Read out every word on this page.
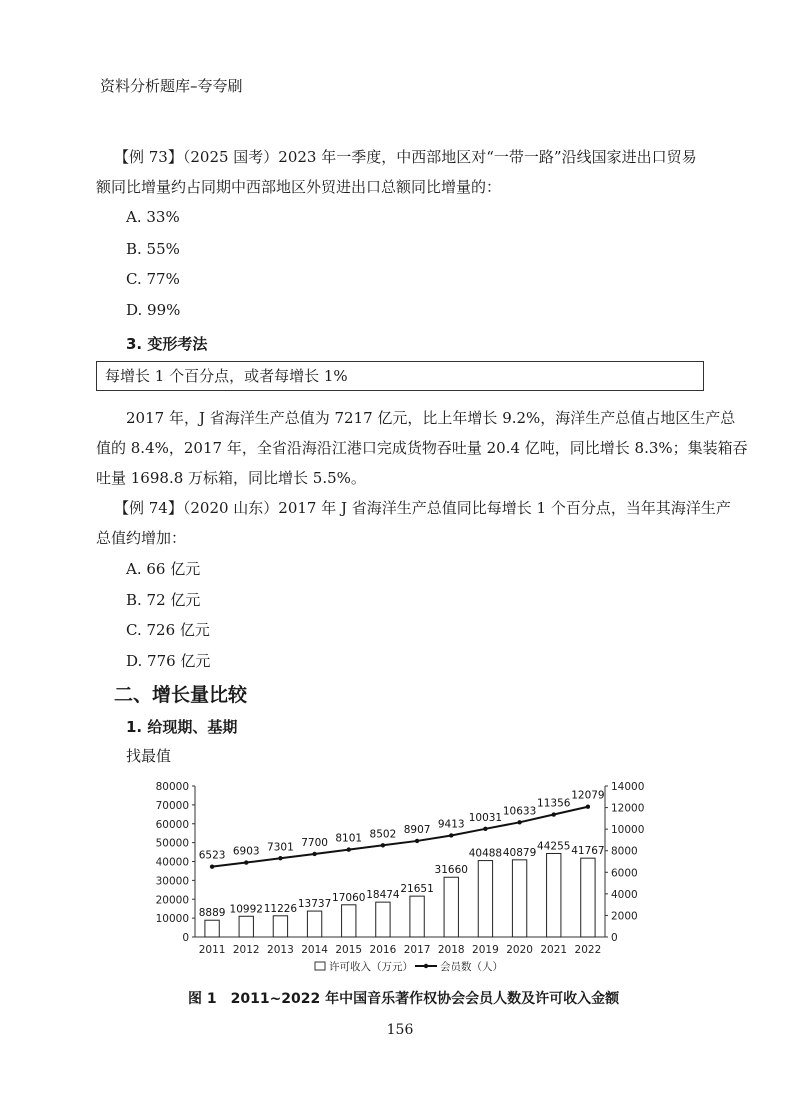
资料分析题库–夸夸刷
【例 73】（2025 国考）2023 年一季度，中西部地区对“一带一路”沿线国家进出口贸易
额同比增量约占同期中西部地区外贸进出口总额同比增量的：
A. 33%
B. 55%
C. 77%
D. 99%
3. 变形考法
每增长 1 个百分点，或者每增长 1%
2017 年，J 省海洋生产总值为 7217 亿元，比上年增长 9.2%，海洋生产总值占地区生产总
值的 8.4%，2017 年，全省沿海沿江港口完成货物吞吐量 20.4 亿吨，同比增长 8.3%；集装箱吞
吐量 1698.8 万标箱，同比增长 5.5%。
【例 74】（2020 山东）2017 年 J 省海洋生产总值同比每增长 1 个百分点，当年其海洋生产
总值约增加：
A. 66 亿元
B. 72 亿元
C. 726 亿元
D. 776 亿元
二、增长量比较
1. 给现期、基期
找最值
0
10000
20000
30000
40000
50000
60000
70000
80000
0
2000
4000
6000
8000
10000
12000
14000
2011 2012 2013 2014 2015 2016 2017 2018 2019 2020 2021 2022
6523 6903 7301 7700 8101 8502 8907 9413
10031
10633
11356
12079
8889 10992 11226 13737
17060 18474 21651
31660
40488 40879
44255 41767
许可收入（万元）	会员数（人）
图 1　2011~2022 年中国音乐著作权协会会员人数及许可收入金额
156
